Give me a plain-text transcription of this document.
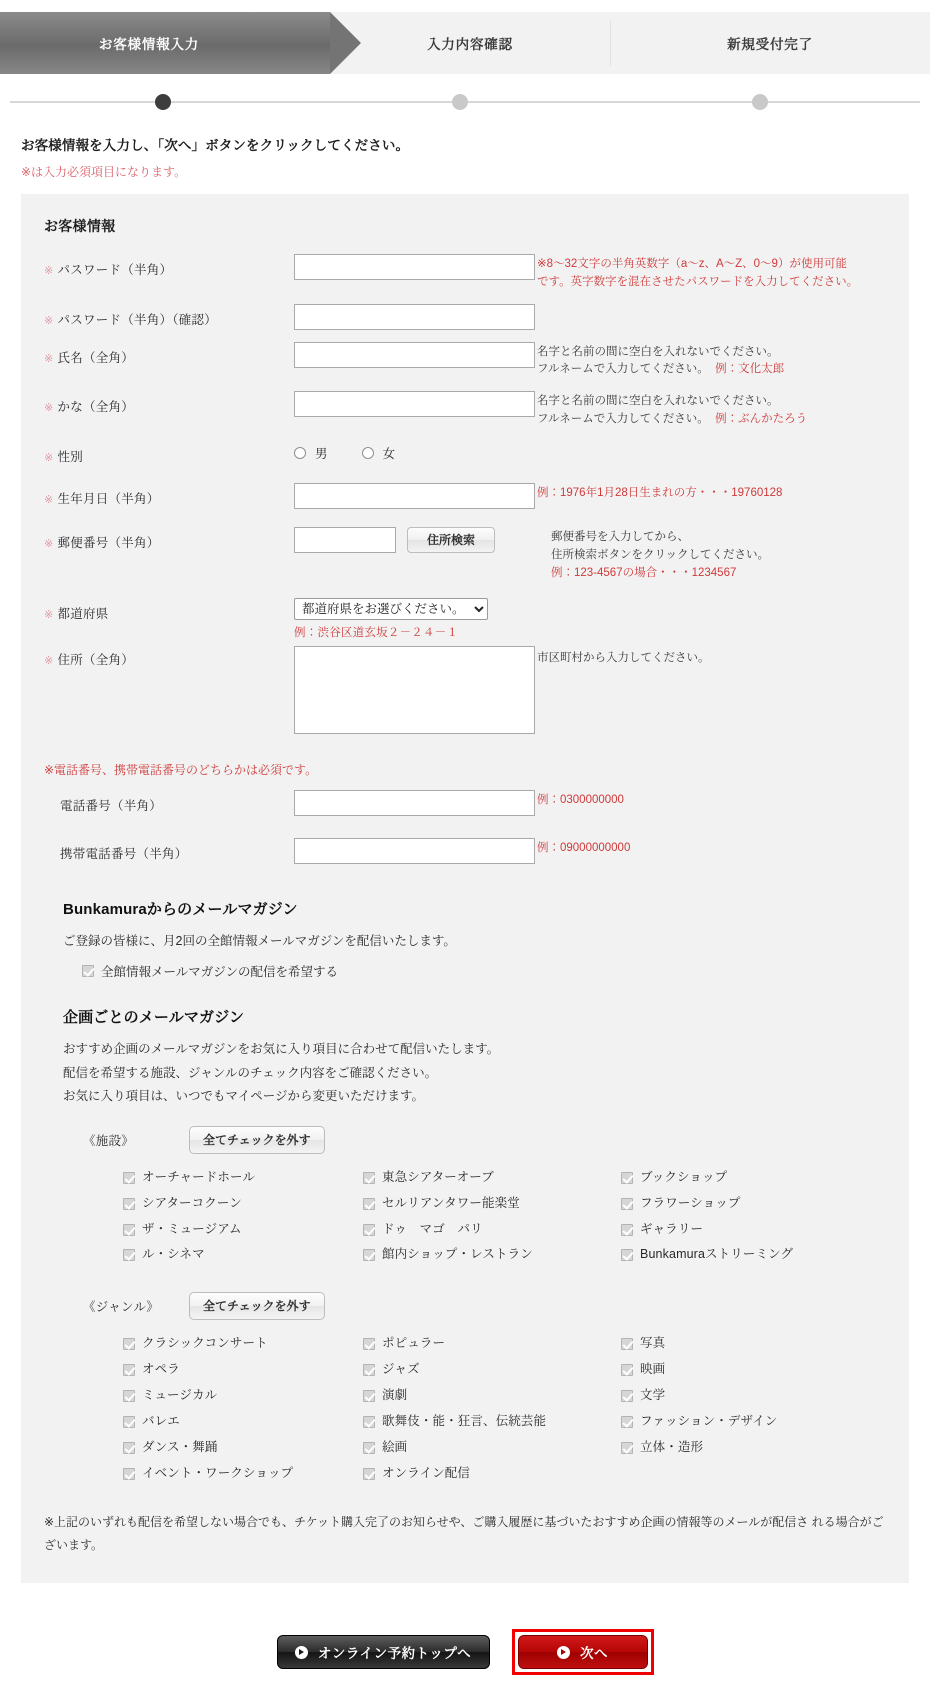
お客様情報入力	入力内容確認	新規受付完了
お客様情報を入力し、「次へ」ボタンをクリックしてください。
※は入力必須項目になります。
お客様情報
※ パスワード（半角）	※8〜32文字の半角英数字（a〜z、A〜Z、0〜9）が使用可能
です。英字数字を混在させたパスワードを入力してください。
※ パスワード（半角）（確認）
※ 氏名（全角）	名字と名前の間に空白を入れないでください。
フルネームで入力してください。 例：文化太郎
※ かな（全角）	名字と名前の間に空白を入れないでください。
フルネームで入力してください。 例：ぶんかたろう
※ 性別	男	女
※ 生年月日（半角）	例：1976年1月28日生まれの方・・・19760128
※ 郵便番号（半角）	住所検索	郵便番号を入力してから、
住所検索ボタンをクリックしてください。
例：123-4567の場合・・・1234567
※ 都道府県
都道府県をお選びください。
例：渋谷区道玄坂２－２４－１
※ 住所（全角）	市区町村から入力してください。
※電話番号、携帯電話番号のどちらかは必須です。
電話番号（半角）	例：0300000000
携帯電話番号（半角）	例：09000000000
Bunkamuraからのメールマガジン
ご登録の皆様に、月2回の全館情報メールマガジンを配信いたします。
全館情報メールマガジンの配信を希望する
企画ごとのメールマガジン
おすすめ企画のメールマガジンをお気に入り項目に合わせて配信いたします。
配信を希望する施設、ジャンルのチェック内容をご確認ください。
お気に入り項目は、いつでもマイページから変更いただけます。
《施設》	全てチェックを外す
オーチャードホール	東急シアターオーブ	ブックショップ
シアターコクーン	セルリアンタワー能楽堂	フラワーショップ
ザ・ミュージアム	ドゥ　マゴ　パリ	ギャラリー
ル・シネマ	館内ショップ・レストラン	Bunkamuraストリーミング
《ジャンル》	全てチェックを外す
クラシックコンサート	ポピュラー	写真
オペラ	ジャズ	映画
ミュージカル	演劇	文学
バレエ	歌舞伎・能・狂言、伝統芸能	ファッション・デザイン
ダンス・舞踊	絵画	立体・造形
イベント・ワークショップ	オンライン配信
※上記のいずれも配信を希望しない場合でも、チケット購入完了のお知らせや、ご購入履歴に基づいたおすすめ企画の情報等のメールが配信さ れる場合がございます。
オンライン予約トップへ	次へ
